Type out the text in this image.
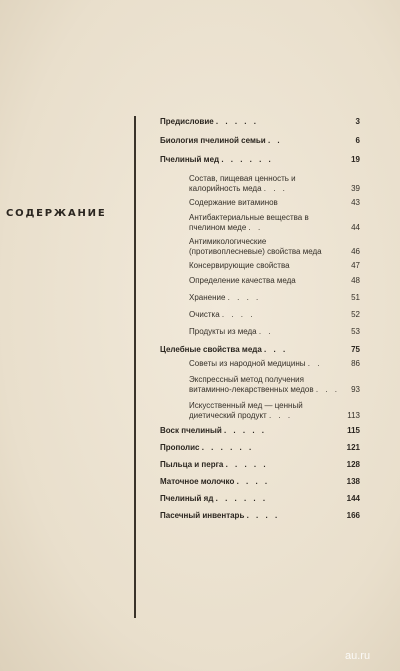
СОДЕРЖАНИЕ
Предисловие . . . . .	3
Биология пчелиной семьи . .	6
Пчелиный мед . . . . . .	19
Состав, пищевая ценность и калорийность меда . . .	39
Содержание витаминов	43
Антибактериальные вещества в пчелином меде . .	44
Антимикологические (противоплесневые) свойства меда	46
Консервирующие свойства	47
Определение качества меда	48
Хранение . . . .	51
Очистка . . . .	52
Продукты из меда . .	53
Целебные свойства меда . . .	75
Советы из народной медицины . .	86
Экспрессный метод получения витаминно-лекарственных медов . . . 93
Искусственный мед — ценный диетический продукт . . .	113
Воск пчелиный . . . . .	115
Прополис . . . . . .	121
Пыльца и перга . . . . .	128
Маточное молочко . . . .	138
Пчелиный яд . . . . . .	144
Пасечный инвентарь . . . .	166
au.ru
